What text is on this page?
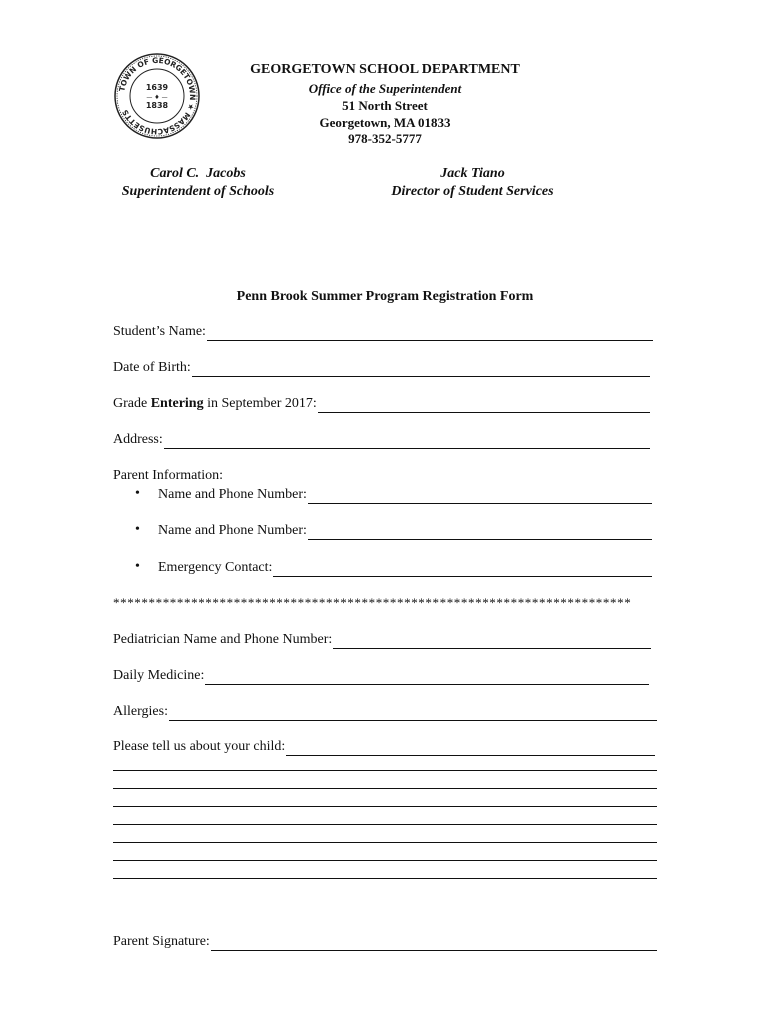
TOWN OF GEORGETOWN ★ MASSACHUSETTS
1639
— ♦ —
1838
GEORGETOWN SCHOOL DEPARTMENT
Office of the Superintendent
51 North Street
Georgetown, MA 01833
978-352-5777
Carol C.  Jacobs
Superintendent of Schools
Jack Tiano
Director of Student Services
Penn Brook Summer Program Registration Form
Student’s Name:
Date of Birth:
Grade Entering in September 2017:
Address:
Parent Information:
• Name and Phone Number:
• Name and Phone Number:
• Emergency Contact:
*************************************************************************
Pediatrician Name and Phone Number:
Daily Medicine:
Allergies:
Please tell us about your child:
Parent Signature:
